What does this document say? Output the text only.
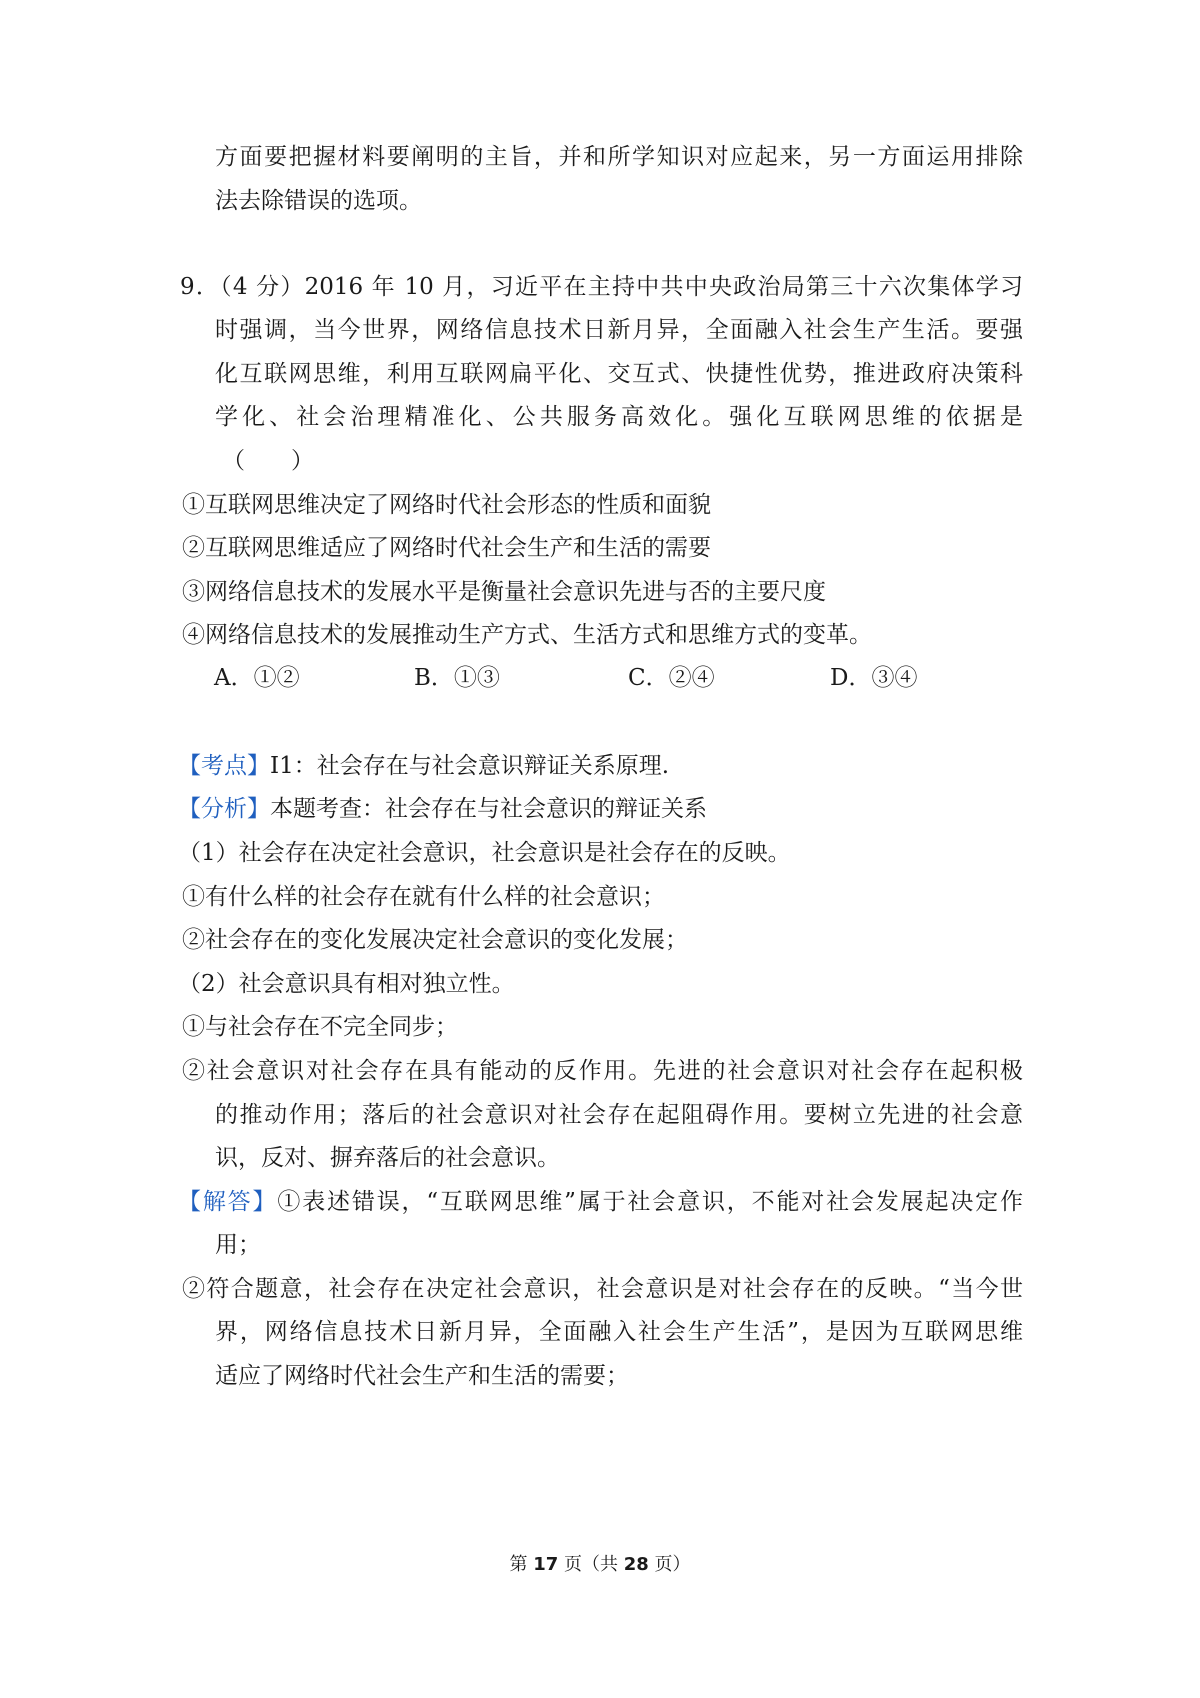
方面要把握材料要阐明的主旨，并和所学知识对应起来，另一方面运用排除
法去除错误的选项。
9．（4 分）2016 年 10 月，习近平在主持中共中央政治局第三十六次集体学习
时强调，当今世界，网络信息技术日新月异，全面融入社会生产生活。要强
化互联网思维，利用互联网扁平化、交互式、快捷性优势，推进政府决策科
学化、社会治理精准化、公共服务高效化。强化互联网思维的依据是
（　　）
①互联网思维决定了网络时代社会形态的性质和面貌
②互联网思维适应了网络时代社会生产和生活的需要
③网络信息技术的发展水平是衡量社会意识先进与否的主要尺度
④网络信息技术的发展推动生产方式、生活方式和思维方式的变革。
A．①②	B．①③	C．②④	D．③④
【考点】I1：社会存在与社会意识辩证关系原理.
【分析】本题考查：社会存在与社会意识的辩证关系
（1）社会存在决定社会意识，社会意识是社会存在的反映。
①有什么样的社会存在就有什么样的社会意识；
②社会存在的变化发展决定社会意识的变化发展；
（2）社会意识具有相对独立性。
①与社会存在不完全同步；
②社会意识对社会存在具有能动的反作用。先进的社会意识对社会存在起积极
的推动作用；落后的社会意识对社会存在起阻碍作用。要树立先进的社会意
识，反对、摒弃落后的社会意识。
【解答】①表述错误，“互联网思维”属于社会意识，不能对社会发展起决定作
用；
②符合题意，社会存在决定社会意识，社会意识是对社会存在的反映。“当今世
界，网络信息技术日新月异，全面融入社会生产生活”，是因为互联网思维
适应了网络时代社会生产和生活的需要；
第 17 页（共 28 页）
